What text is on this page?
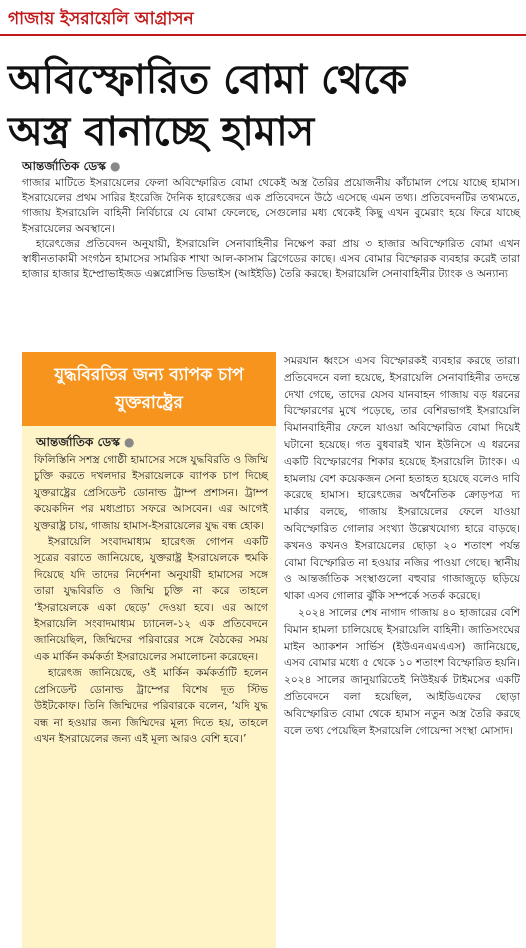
গাজায় ইসরায়েলি আগ্রাসন
অবিস্ফোরিত বোমা থেকে
অস্ত্র বানাচ্ছে হামাস
আন্তর্জাতিক ডেস্ক ●

গাজার মাটিতে ইসরায়েলের ফেলা অবিস্ফোরিত বোমা থেকেই অস্ত্র তৈরির প্রয়োজনীয় কাঁচামাল পেয়ে যাচ্ছে হামাস। ইসরায়েলের প্রথম সারির ইংরেজি দৈনিক হারেৎজের এক প্রতিবেদনে উঠে এসেছে এমন তথ্য। প্রতিবেদনটির তথ্যমতে, গাজায় ইসরায়েলি বাহিনী নির্বিচারে যে বোমা ফেলেছে, সেগুলোর মধ্য থেকেই কিছু এখন বুমেরাং হয়ে ফিরে যাচ্ছে ইসরায়েলের অবস্থানে।

হারেৎজের প্রতিবেদন অনুযায়ী, ইসরায়েলি সেনাবাহিনীর নিক্ষেপ করা প্রায় ৩ হাজার অবিস্ফোরিত বোমা এখন স্বাধীনতাকামী সংগঠন হামাসের সামরিক শাখা আল-কাসাম ব্রিগেডের কাছে। এসব বোমার বিস্ফোরক ব্যবহার করেই তারা হাজার হাজার ইম্প্রোভাইজড এক্সপ্লোসিভ ডিভাইস (আইইডি) তৈরি করছে। ইসরায়েলি সেনাবাহিনীর ট্যাংক ও অন্যান্য

সমরযান ধ্বংসে এসব বিস্ফোরকই ব্যবহার করছে তারা। প্রতিবেদনে বলা হয়েছে, ইসরায়েলি সেনাবাহিনীর তদন্তে দেখা গেছে, তাদের যেসব যানবাহন গাজায় বড় ধরনের বিস্ফোরণের মুখে পড়েছে, তার বেশিরভাগই ইসরায়েলি বিমানবাহিনীর ফেলে যাওয়া অবিস্ফোরিত বোমা দিয়েই ঘটানো হয়েছে। গত বুধবারই খান ইউনিসে এ ধরনের একটি বিস্ফোরণের শিকার হয়েছে ইসরায়েলি ট্যাংক। এ হামলায় বেশ কয়েকজন সেনা হতাহত হয়েছে বলেও দাবি করেছে হামাস। হারেৎজের অর্থনৈতিক ক্রোড়পত্র দ্য মার্কার বলছে, গাজায় ইসরায়েলের ফেলে যাওয়া অবিস্ফোরিত গোলার সংখ্যা উল্লেখযোগ্য হারে বাড়ছে। কখনও কখনও ইসরায়েলের ছোড়া ২০ শতাংশ পর্যন্ত বোমা বিস্ফোরিত না হওয়ার নজির পাওয়া গেছে। স্থানীয় ও আন্তর্জাতিক সংস্থাগুলো বহুবার গাজাজুড়ে ছড়িয়ে থাকা এসব গোলার ঝুঁকি সম্পর্কে সতর্ক করেছে।

২০২৪ সালের শেষ নাগাদ গাজায় ৪০ হাজারের বেশি বিমান হামলা চালিয়েছে ইসরায়েলি বাহিনী। জাতিসংঘের মাইন অ্যাকশন সার্ভিস (ইউএনএমএএস) জানিয়েছে, এসব বোমার মধ্যে ৫ থেকে ১০ শতাংশ বিস্ফোরিত হয়নি। ২০২৪ সালের জানুয়ারিতেই নিউইয়র্ক টাইমসের একটি প্রতিবেদনে বলা হয়েছিল, আইডিএফের ছোড়া অবিস্ফোরিত বোমা থেকে হামাস নতুন অস্ত্র তৈরি করছে বলে তথ্য পেয়েছিল ইসরায়েলি গোয়েন্দা সংস্থা মোসাদ।

যুদ্ধবিরতির জন্য ব্যাপক চাপ যুক্তরাষ্ট্রের
আন্তর্জাতিক ডেস্ক ●

ফিলিস্তিনি সশস্ত্র গোষ্ঠী হামাসের সঙ্গে যুদ্ধবিরতি ও জিম্মি চুক্তি করতে দখলদার ইসরায়েলকে ব্যাপক চাপ দিচ্ছে যুক্তরাষ্ট্রের প্রেসিডেন্ট ডোনাল্ড ট্রাম্প প্রশাসন। ট্রাম্প কয়েকদিন পর মধ্যপ্রাচ্য সফরে আসবেন। এর আগেই যুক্তরাষ্ট্র চায়, গাজায় হামাস-ইসরায়েলের যুদ্ধ বন্ধ হোক।

ইসরায়েলি সংবাদমাধ্যম হারেৎজ গোপন একটি সূত্রের বরাতে জানিয়েছে, যুক্তরাষ্ট্র ইসরায়েলকে হুমকি দিয়েছে যদি তাদের নির্দেশনা অনুযায়ী হামাসের সঙ্গে তারা যুদ্ধবিরতি ও জিম্মি চুক্তি না করে তাহলে ‘ইসরায়েলকে একা ছেড়ে’ দেওয়া হবে। এর আগে ইসরায়েলি সংবাদমাধ্যম চ্যানেল-১২ এক প্রতিবেদনে জানিয়েছিল, জিম্মিদের পরিবারের সঙ্গে বৈঠকের সময় এক মার্কিন কর্মকর্তা ইসরায়েলের সমালোচনা করেছেন।

হারেৎজ জানিয়েছে, ওই মার্কিন কর্মকর্তাটি হলেন প্রেসিডেন্ট ডোনাল্ড ট্রাম্পের বিশেষ দূত স্টিভ উইটকোফ। তিনি জিম্মিদের পরিবারকে বলেন, ‘যদি যুদ্ধ বন্ধ না হওয়ার জন্য জিম্মিদের মূল্য দিতে হয়, তাহলে এখন ইসরায়েলের জন্য এই মূল্য আরও বেশি হবে।’
